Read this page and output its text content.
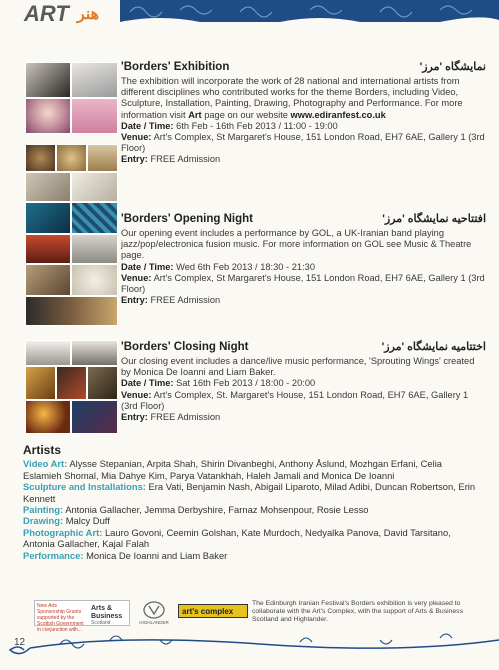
ART هنر
'Borders' Exhibition	نمایشگاه 'مرز'

The exhibition will incorporate the work of 28 national and international artists from different disciplines who contributed works for the theme Borders, including Video, Sculpture, Installation, Painting, Drawing, Photography and Performance. For more information visit Art page on our website www.ediranfest.co.uk

Date / Time: 6th Feb - 16th Feb 2013 / 11:00 - 19:00

Venue: Art's Complex, St Margaret's House, 151 London Road, EH7 6AE, Gallery 1 (3rd Floor)

Entry: FREE Admission

'Borders' Opening Night	افتتاحیه نمایشگاه 'مرز'

Our opening event includes a performance by GOL, a UK-Iranian band playing jazz/pop/electronica fusion music. For more information on GOL see Music & Theatre page.

Date / Time: Wed 6th Feb 2013 / 18:30 - 21:30

Venue: Art's Complex, St Margaret's House, 151 London Road, EH7 6AE, Gallery 1 (3rd Floor)

Entry: FREE Admission

'Borders' Closing Night	اختتامیه نمایشگاه 'مرز'

Our closing event includes a dance/live music performance, 'Sprouting Wings' created by Monica De Ioanni and Liam Baker.

Date / Time: Sat 16th Feb 2013 / 18:00 - 20:00

Venue: Art's Complex, St. Margaret's House, 151 London Road, EH7 6AE, Gallery 1 (3rd Floor)

Entry: FREE Admission

Artists

Video Art: Alysse Stepanian, Arpita Shah, Shirin Divanbeghi, Anthony Åslund, Mozhgan Erfani, Celia Eslamieh Shomal, Mia Dahye Kim, Parya Vatankhah, Haleh Jamali and Monica De Ioanni

Sculpture and Installations: Era Vati, Benjamin Nash, Abigail Liparoto, Milad Adibi, Duncan Robertson, Erin Kennett

Painting: Antonia Gallacher, Jemma Derbyshire, Farnaz Mohsenpour, Rosie Lesso

Drawing: Malcy Duff

Photographic Art: Lauro Govoni, Ceemin Golshan, Kate Murdoch, Nedyalka Panova, David Tarsitano, Antonia Gallacher, Kajal Falah

Performance: Monica De Ioanni and Liam Baker

New Arts Sponsorship Grants supported by the Scottish Government in conjunction with...
Arts & Business
Scotland	HIGHLANDER
art's complex
The Edinburgh Iranian Festival's Borders exhibition is very pleased to collaborate with the Art's Complex, with the support of Arts & Business Scotland and Highlander.
12
